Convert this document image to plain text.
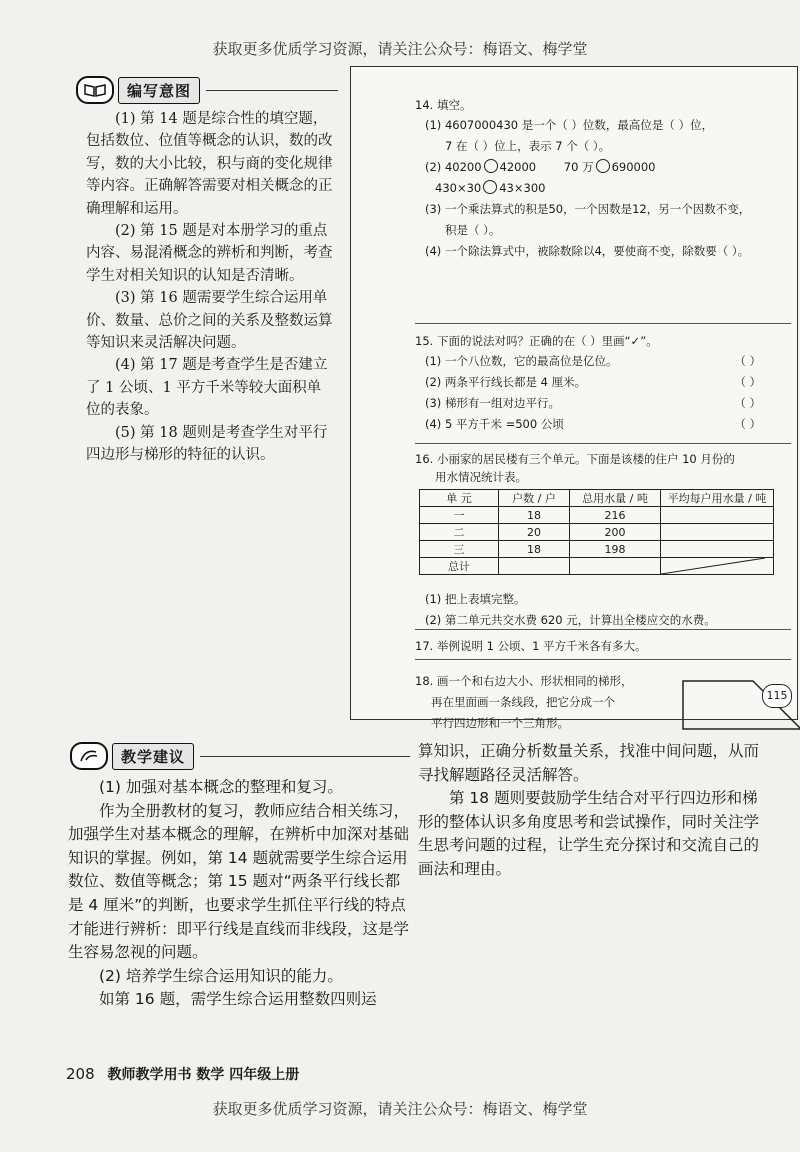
获取更多优质学习资源，请关注公众号：梅语文、梅学堂
编写意图

(1) 第 14 题是综合性的填空题，包括数位、位值等概念的认识，数的改写，数的大小比较，积与商的变化规律等内容。正确解答需要对相关概念的正确理解和运用。

(2) 第 15 题是对本册学习的重点内容、易混淆概念的辨析和判断，考查学生对相关知识的认知是否清晰。

(3) 第 16 题需要学生综合运用单价、数量、总价之间的关系及整数运算等知识来灵活解决问题。

(4) 第 17 题是考查学生是否建立了 1 公顷、1 平方千米等较大面积单位的表象。

(5) 第 18 题则是考查学生对平行四边形与梯形的特征的认识。

14. 填空。
(1) 4607000430 是一个（ ）位数，最高位是（ ）位，
7 在（ ）位上，表示 7 个（ ）。
(2) 40200 42000 70 万 690000
430×30 43×300
(3) 一个乘法算式的积是50，一个因数是12，另一个因数不变，
积是（ ）。
(4) 一个除法算式中，被除数除以4，要使商不变，除数要（ ）。
15. 下面的说法对吗？正确的在（ ）里画“✓”。
(1) 一个八位数，它的最高位是亿位。	（ ）
(2) 两条平行线长都是 4 厘米。	（ ）
(3) 梯形有一组对边平行。	（ ）
(4) 5 平方千米 =500 公顷	（ ）
16. 小丽家的居民楼有三个单元。下面是该楼的住户 10 月份的
用水情况统计表。
单 元	户数 / 户	总用水量 / 吨	平均每户用水量 / 吨
一	18	216	
二	20	200	
三	18	198	
总计			
(1) 把上表填完整。
(2) 第二单元共交水费 620 元，计算出全楼应交的水费。
17. 举例说明 1 公顷、1 平方千米各有多大。
18. 画一个和右边大小、形状相同的梯形，
再在里面画一条线段，把它分成一个
平行四边形和一个三角形。
115
教学建议

(1) 加强对基本概念的整理和复习。

作为全册教材的复习，教师应结合相关练习，加强学生对基本概念的理解，在辨析中加深对基础知识的掌握。例如，第 14 题就需要学生综合运用数位、数值等概念；第 15 题对“两条平行线长都是 4 厘米”的判断，也要求学生抓住平行线的特点才能进行辨析：即平行线是直线而非线段，这是学生容易忽视的问题。

(2) 培养学生综合运用知识的能力。

如第 16 题，需学生综合运用整数四则运

算知识，正确分析数量关系，找准中间问题，从而寻找解题路径灵活解答。

第 18 题则要鼓励学生结合对平行四边形和梯形的整体认识多角度思考和尝试操作，同时关注学生思考问题的过程，让学生充分探讨和交流自己的画法和理由。

208 教师教学用书 数学 四年级上册
获取更多优质学习资源，请关注公众号：梅语文、梅学堂
